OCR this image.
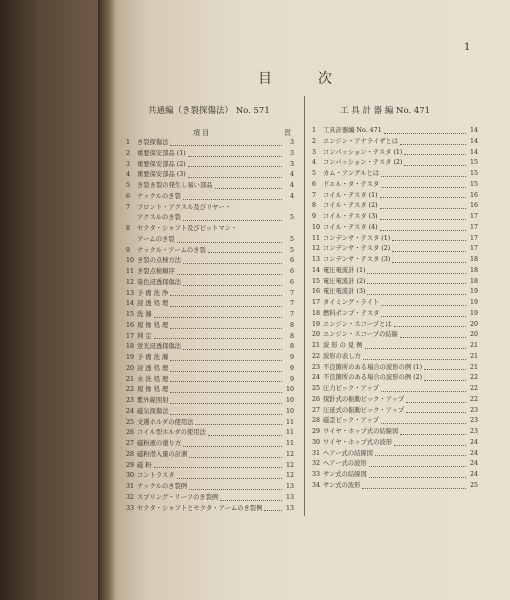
1
目	次
共通編（き裂探傷法） No. 571	工 具 計 器 編 No. 471
項 目	頁
1	き裂探傷法	3
2	重要保安部品 (1)	3
3	重要保安部品 (2)	3
4	重要保安部品 (3)	4
5	き裂き裂の発生し易い部品	4
6	ナックルのき裂	4
7	フロント・アクスル及びリヤー・
アクスルのき裂	5
8	セクタ・シャフト及びピットマン・
アームのき裂	5
9	ナックル・アームのき裂	5
10 き裂の点検方法	6
11 き裂点検順序	6
12 染色浸透探傷法	6
13 予 備 洗 浄	7
14 浸 透 処 理	7
15 洗 滌	7
16 現 像 処 理	8
17 判 定	8
18 蛍光浸透探傷法	8
19 予 備 洗 滌	9
20 浸 透 処 理	9
21 水 洗 処 理	9
22 現 像 処 理	10
23 紫外線照射	10
24 磁気探傷法	10
25 文選ホルダの使用法	11
26 コイル型ホルダの使用法	11
27 磁粉液の塗り方	11
28 磁粉潜入量の計測	12
29 磁 粉	12
30 コントラスタ	12
31 ナックルのき裂例	13
32 スプリング・リーフのき裂例	13
33 セクタ・シャフトとセクタ・アームのき裂例	13
1	工具計器編 No. 471	14
2	エンジン・アナライザとは	14
3	コンパッション・テスタ (1)	14
4	コンパッション・テスタ (2)	15
5	カム・アングルとは	15
6	ドエル・タ・テスタ	15
7	コイル・テスタ (1)	16
8	コイル・テスタ (2)	16
9	コイル・テスタ (3)	17
10 コイル・テスタ (4)	17
11 コンデンサ・テスタ (1)	17
12 コンデンサ・テスタ (2)	17
13 コンデンサ・テスタ (3)	18
14 電圧電流計 (1)	18
15 電圧電流計 (2)	18
16 電圧電流計 (3)	19
17 タイミング・ライト	19
18 燃料ポンプ・テスタ	19
19 エンジン・スコープとは	20
20 エンジン・スコープの結線	20
21 波 形 の 見 例	21
22 波形の表し方	21
23 不良箇所のある場合の波形の例 (1)	21
24 不良箇所のある場合の波形の例 (2)	22
25 圧力ピック・アップ	22
26 探針式の振動ピック・アップ	22
27 圧延式の振動ピック・アップ	23
28 磁歪ピック・アップ	23
29 ワイヤ・ホップ式の結線図	23
30 ワイヤ・ホップ式の波形	24
31 ヘアー式の結線図	24
32 ヘアー式の波形	24
33 サン式の結線図	24
34 サン式の波形	25
